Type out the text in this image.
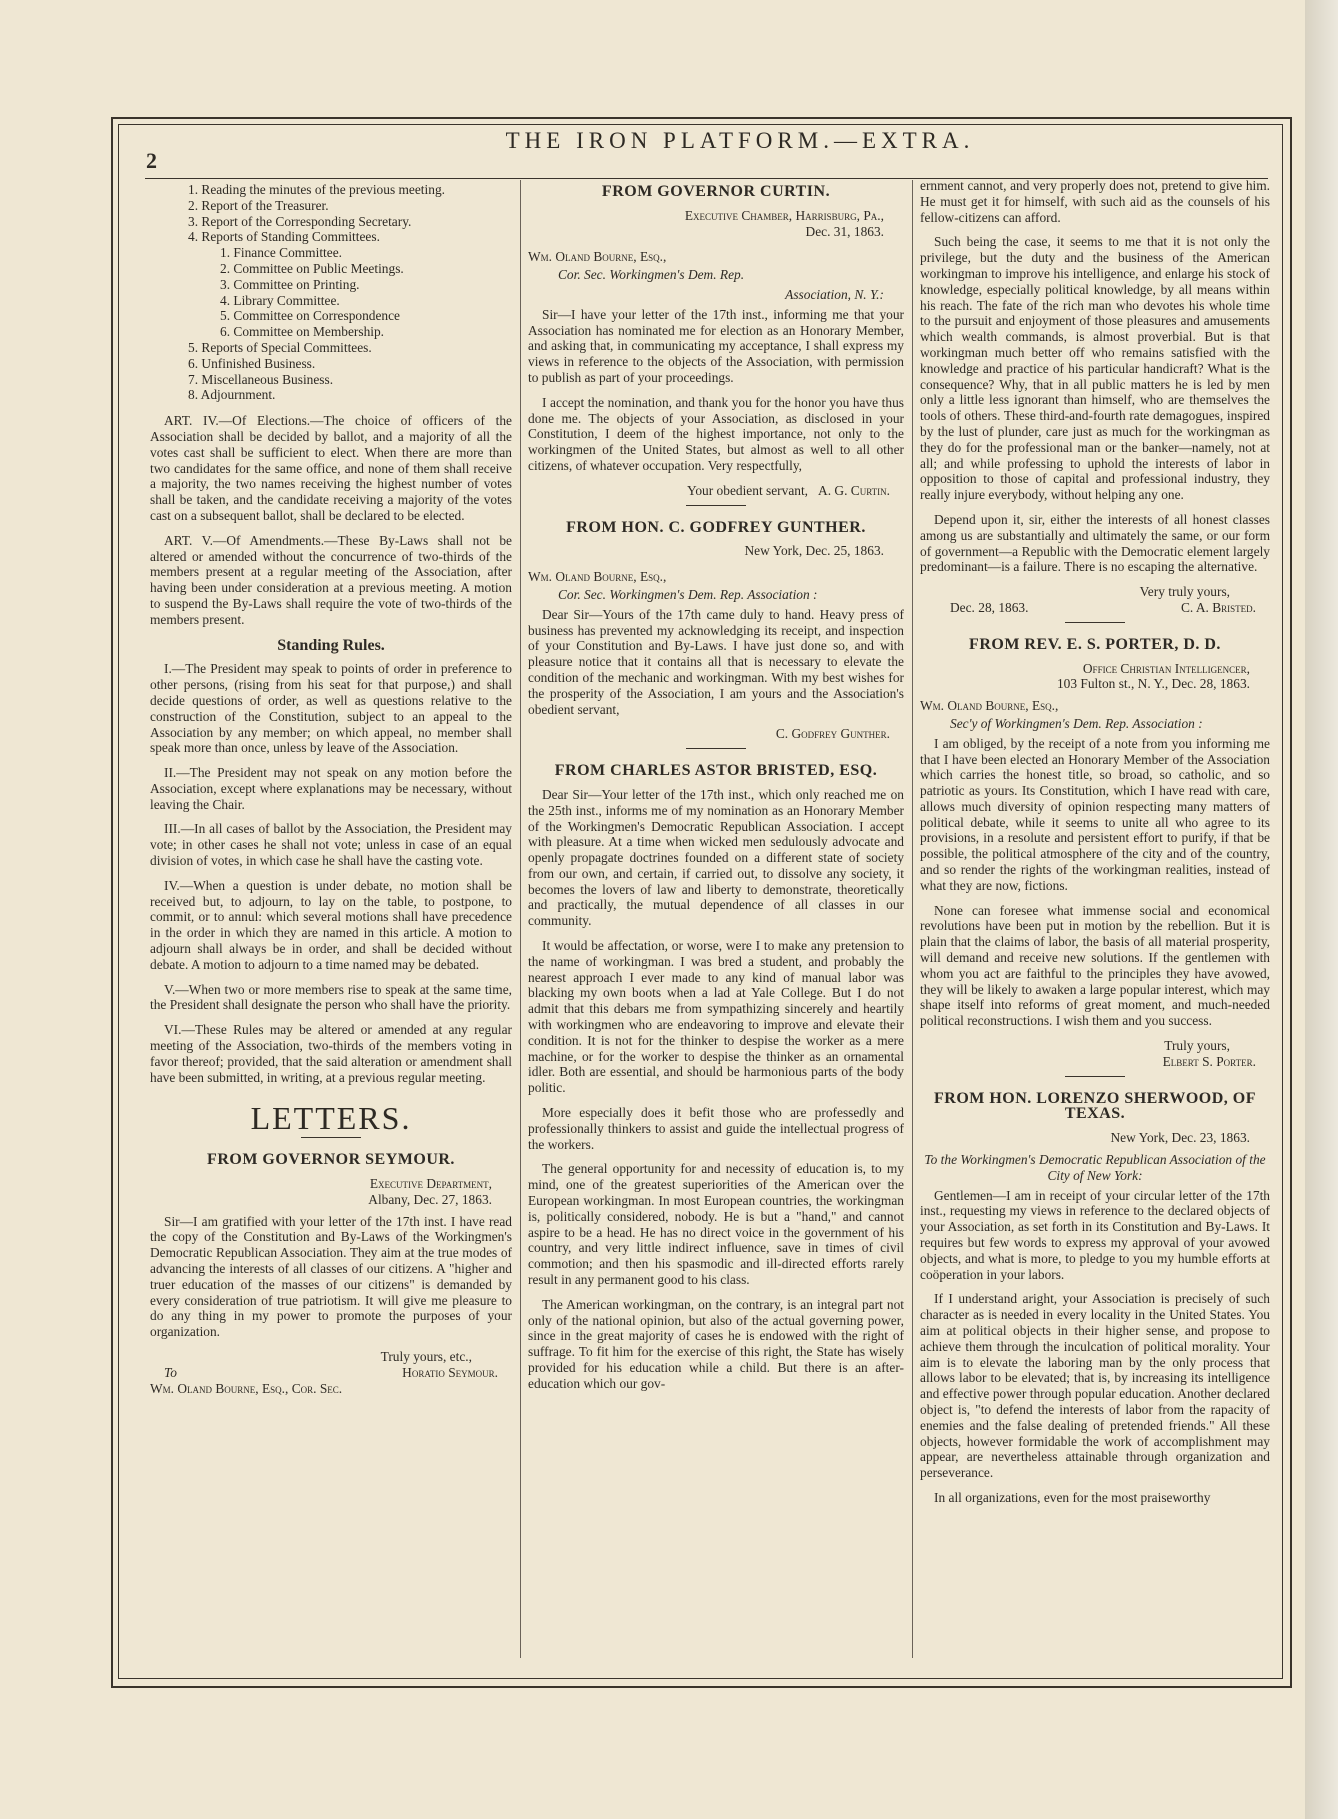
2
THE IRON PLATFORM.—EXTRA.
1. Reading the minutes of the previous meeting.
2. Report of the Treasurer.
3. Report of the Corresponding Secretary.
4. Reports of Standing Committees.
1. Finance Committee.
2. Committee on Public Meetings.
3. Committee on Printing.
4. Library Committee.
5. Committee on Correspondence
6. Committee on Membership.
5. Reports of Special Committees.
6. Unfinished Business.
7. Miscellaneous Business.
8. Adjournment.

ART. IV.—Of Elections.—The choice of officers of the Association shall be decided by ballot, and a majority of all the votes cast shall be sufficient to elect. When there are more than two candidates for the same office, and none of them shall receive a majority, the two names receiving the highest number of votes shall be taken, and the candidate receiving a majority of the votes cast on a subsequent ballot, shall be declared to be elected.

ART. V.—Of Amendments.—These By-Laws shall not be altered or amended without the concurrence of two-thirds of the members present at a regular meeting of the Association, after having been under consideration at a previous meeting. A motion to suspend the By-Laws shall require the vote of two-thirds of the members present.

Standing Rules.

I.—The President may speak to points of order in preference to other persons, (rising from his seat for that purpose,) and shall decide questions of order, as well as questions relative to the construction of the Constitution, subject to an appeal to the Association by any member; on which appeal, no member shall speak more than once, unless by leave of the Association.

II.—The President may not speak on any motion before the Association, except where explanations may be necessary, without leaving the Chair.

III.—In all cases of ballot by the Association, the President may vote; in other cases he shall not vote; unless in case of an equal division of votes, in which case he shall have the casting vote.

IV.—When a question is under debate, no motion shall be received but, to adjourn, to lay on the table, to postpone, to commit, or to annul: which several motions shall have precedence in the order in which they are named in this article. A motion to adjourn shall always be in order, and shall be decided without debate. A motion to adjourn to a time named may be debated.

V.—When two or more members rise to speak at the same time, the President shall designate the person who shall have the priority.

VI.—These Rules may be altered or amended at any regular meeting of the Association, two-thirds of the members voting in favor thereof; provided, that the said alteration or amendment shall have been submitted, in writing, at a previous regular meeting.

LETTERS.
FROM GOVERNOR SEYMOUR.
Executive Department,
Albany, Dec. 27, 1863.

Sir—I am gratified with your letter of the 17th inst. I have read the copy of the Constitution and By-Laws of the Workingmen's Democratic Republican Association. They aim at the true modes of advancing the interests of all classes of our citizens. A "higher and truer education of the masses of our citizens" is demanded by every consideration of true patriotism. It will give me pleasure to do any thing in my power to promote the purposes of your organization.

Truly yours, etc.,
To	Horatio Seymour.
Wm. Oland Bourne, Esq., Cor. Sec.
FROM GOVERNOR CURTIN.
Executive Chamber, Harrisburg, Pa.,
Dec. 31, 1863.
Wm. Oland Bourne, Esq.,
Cor. Sec. Workingmen's Dem. Rep.
Association, N. Y.:

Sir—I have your letter of the 17th inst., informing me that your Association has nominated me for election as an Honorary Member, and asking that, in communicating my acceptance, I shall express my views in reference to the objects of the Association, with permission to publish as part of your proceedings.

I accept the nomination, and thank you for the honor you have thus done me. The objects of your Association, as disclosed in your Constitution, I deem of the highest importance, not only to the workingmen of the United States, but almost as well to all other citizens, of whatever occupation. Very respectfully,

Your obedient servant, A. G. Curtin.
FROM HON. C. GODFREY GUNTHER.
New York, Dec. 25, 1863.
Wm. Oland Bourne, Esq.,
Cor. Sec. Workingmen's Dem. Rep. Association :

Dear Sir—Yours of the 17th came duly to hand. Heavy press of business has prevented my acknowledging its receipt, and inspection of your Constitution and By-Laws. I have just done so, and with pleasure notice that it contains all that is necessary to elevate the condition of the mechanic and workingman. With my best wishes for the prosperity of the Association, I am yours and the Association's obedient servant,

C. Godfrey Gunther.
FROM CHARLES ASTOR BRISTED, ESQ.

Dear Sir—Your letter of the 17th inst., which only reached me on the 25th inst., informs me of my nomination as an Honorary Member of the Workingmen's Democratic Republican Association. I accept with pleasure. At a time when wicked men sedulously advocate and openly propagate doctrines founded on a different state of society from our own, and certain, if carried out, to dissolve any society, it becomes the lovers of law and liberty to demonstrate, theoretically and practically, the mutual dependence of all classes in our community.

It would be affectation, or worse, were I to make any pretension to the name of workingman. I was bred a student, and probably the nearest approach I ever made to any kind of manual labor was blacking my own boots when a lad at Yale College. But I do not admit that this debars me from sympathizing sincerely and heartily with workingmen who are endeavoring to improve and elevate their condition. It is not for the thinker to despise the worker as a mere machine, or for the worker to despise the thinker as an ornamental idler. Both are essential, and should be harmonious parts of the body politic.

More especially does it befit those who are professedly and professionally thinkers to assist and guide the intellectual progress of the workers.

The general opportunity for and necessity of education is, to my mind, one of the greatest superiorities of the American over the European workingman. In most European countries, the workingman is, politically considered, nobody. He is but a "hand," and cannot aspire to be a head. He has no direct voice in the government of his country, and very little indirect influence, save in times of civil commotion; and then his spasmodic and ill-directed efforts rarely result in any permanent good to his class.

The American workingman, on the contrary, is an integral part not only of the national opinion, but also of the actual governing power, since in the great majority of cases he is endowed with the right of suffrage. To fit him for the exercise of this right, the State has wisely provided for his education while a child. But there is an after-education which our gov-

ernment cannot, and very properly does not, pretend to give him. He must get it for himself, with such aid as the counsels of his fellow-citizens can afford.

Such being the case, it seems to me that it is not only the privilege, but the duty and the business of the American workingman to improve his intelligence, and enlarge his stock of knowledge, especially political knowledge, by all means within his reach. The fate of the rich man who devotes his whole time to the pursuit and enjoyment of those pleasures and amusements which wealth commands, is almost proverbial. But is that workingman much better off who remains satisfied with the knowledge and practice of his particular handicraft? What is the consequence? Why, that in all public matters he is led by men only a little less ignorant than himself, who are themselves the tools of others. These third-and-fourth rate demagogues, inspired by the lust of plunder, care just as much for the workingman as they do for the professional man or the banker—namely, not at all; and while professing to uphold the interests of labor in opposition to those of capital and professional industry, they really injure everybody, without helping any one.

Depend upon it, sir, either the interests of all honest classes among us are substantially and ultimately the same, or our form of government—a Republic with the Democratic element largely predominant—is a failure. There is no escaping the alternative.

Very truly yours,
Dec. 28, 1863.	C. A. Bristed.
FROM REV. E. S. PORTER, D. D.
Office Christian Intelligencer,
103 Fulton st., N. Y., Dec. 28, 1863.
Wm. Oland Bourne, Esq.,
Sec'y of Workingmen's Dem. Rep. Association :

I am obliged, by the receipt of a note from you informing me that I have been elected an Honorary Member of the Association which carries the honest title, so broad, so catholic, and so patriotic as yours. Its Constitution, which I have read with care, allows much diversity of opinion respecting many matters of political debate, while it seems to unite all who agree to its provisions, in a resolute and persistent effort to purify, if that be possible, the political atmosphere of the city and of the country, and so render the rights of the workingman realities, instead of what they are now, fictions.

None can foresee what immense social and economical revolutions have been put in motion by the rebellion. But it is plain that the claims of labor, the basis of all material prosperity, will demand and receive new solutions. If the gentlemen with whom you act are faithful to the principles they have avowed, they will be likely to awaken a large popular interest, which may shape itself into reforms of great moment, and much-needed political reconstructions. I wish them and you success.

Truly yours,
Elbert S. Porter.
FROM HON. LORENZO SHERWOOD, OF TEXAS.
New York, Dec. 23, 1863.
To the Workingmen's Democratic Republican Association of the City of New York:

Gentlemen—I am in receipt of your circular letter of the 17th inst., requesting my views in reference to the declared objects of your Association, as set forth in its Constitution and By-Laws. It requires but few words to express my approval of your avowed objects, and what is more, to pledge to you my humble efforts at coöperation in your labors.

If I understand aright, your Association is precisely of such character as is needed in every locality in the United States. You aim at political objects in their higher sense, and propose to achieve them through the inculcation of political morality. Your aim is to elevate the laboring man by the only process that allows labor to be elevated; that is, by increasing its intelligence and effective power through popular education. Another declared object is, "to defend the interests of labor from the rapacity of enemies and the false dealing of pretended friends." All these objects, however formidable the work of accomplishment may appear, are nevertheless attainable through organization and perseverance.

In all organizations, even for the most praiseworthy
